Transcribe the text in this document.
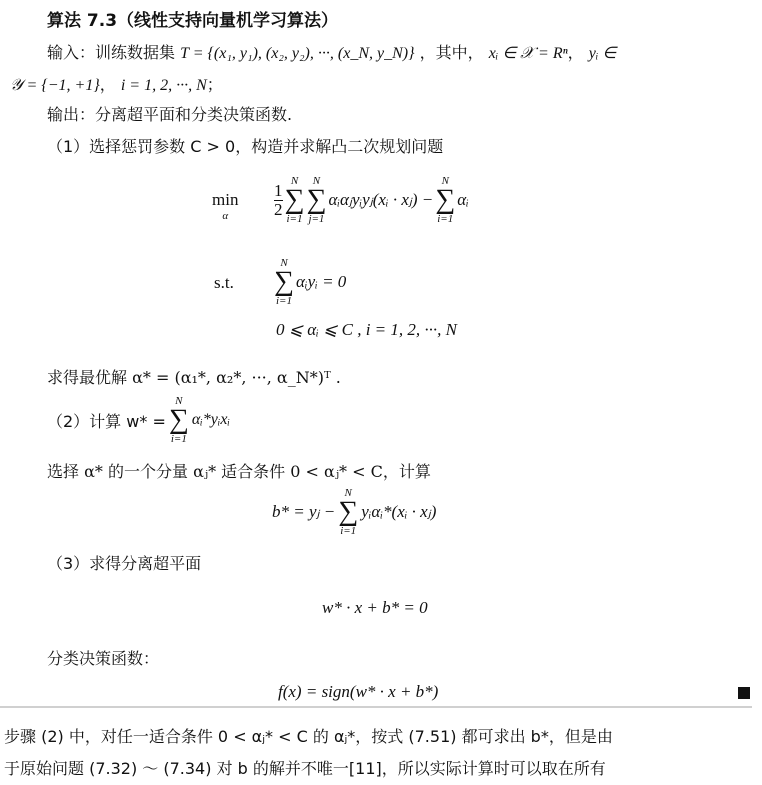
算法 7.3（线性支持向量机学习算法）
输入：训练数据集 T = {(x₁, y₁), (x₂, y₂), ···, (x_N, y_N)} ，其中， xᵢ ∈ 𝒳 = Rⁿ， yᵢ ∈
𝒴 = {−1, +1}， i = 1, 2, ···, N；
输出：分离超平面和分类决策函数.
（1）选择惩罚参数 C > 0，构造并求解凸二次规划问题
min
α	$\frac{1}{2}$
N
∑
i=1
N
∑
j=1
αᵢαⱼyᵢyⱼ(xᵢ · xⱼ) −
N
∑
i=1
αᵢ
s.t.
N
∑
i=1
αᵢyᵢ = 0
0 ⩽ αᵢ ⩽ C , i = 1, 2, ···, N
求得最优解 α* = (α₁*, α₂*, ···, α_N*)ᵀ .
（2）计算 w* =
N
∑
i=1
αᵢ*yᵢxᵢ
选择 α* 的一个分量 αⱼ* 适合条件 0 < αⱼ* < C，计算
b* = yⱼ −
N
∑
i=1
yᵢαᵢ*(xᵢ · xⱼ)
（3）求得分离超平面
w* · x + b* = 0
分类决策函数：
f(x) = sign(w* · x + b*)
步骤 (2) 中，对任一适合条件 0 < αⱼ* < C 的 αⱼ*，按式 (7.51) 都可求出 b*，但是由
于原始问题 (7.32) ～ (7.34) 对 b 的解并不唯一[11]，所以实际计算时可以取在所有
